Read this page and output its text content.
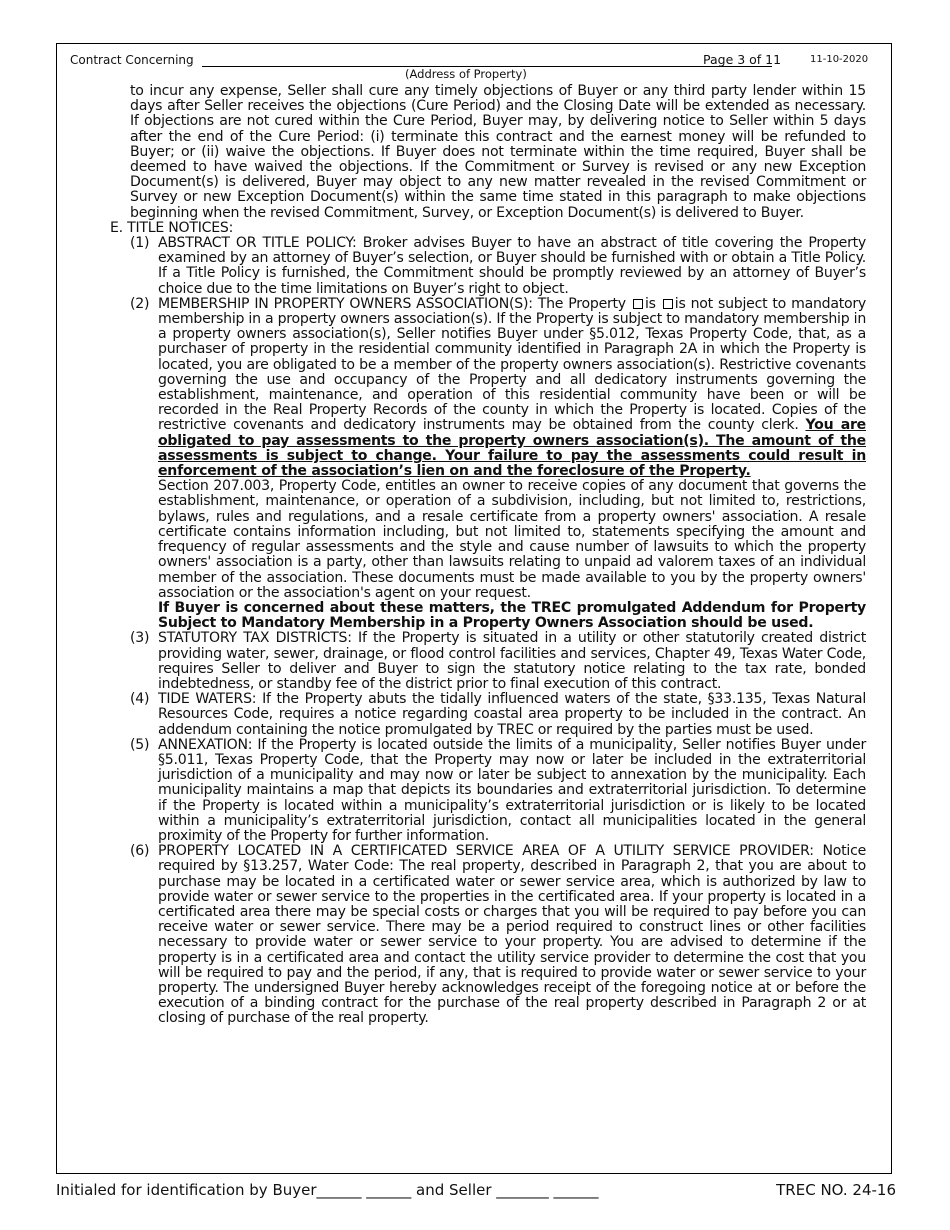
Contract Concerning	Page 3 of 11	11-10-2020
(Address of Property)

to incur any expense, Seller shall cure any timely objections of Buyer or any third party lender within 15 days after Seller receives the objections (Cure Period) and the Closing Date will be extended as necessary. If objections are not cured within the Cure Period, Buyer may, by delivering notice to Seller within 5 days after the end of the Cure Period: (i) terminate this contract and the earnest money will be refunded to Buyer; or (ii) waive the objections. If Buyer does not terminate within the time required, Buyer shall be deemed to have waived the objections. If the Commitment or Survey is revised or any new Exception Document(s) is delivered, Buyer may object to any new matter revealed in the revised Commitment or Survey or new Exception Document(s) within the same time stated in this paragraph to make objections beginning when the revised Commitment, Survey, or Exception Document(s) is delivered to Buyer.

E. TITLE NOTICES:

(1) ABSTRACT OR TITLE POLICY: Broker advises Buyer to have an abstract of title covering the Property examined by an attorney of Buyer’s selection, or Buyer should be furnished with or obtain a Title Policy. If a Title Policy is furnished, the Commitment should be promptly reviewed by an attorney of Buyer’s choice due to the time limitations on Buyer’s right to object.

(2) MEMBERSHIP IN PROPERTY OWNERS ASSOCIATION(S): The Property is is not subject to mandatory membership in a property owners association(s). If the Property is subject to mandatory membership in a property owners association(s), Seller notifies Buyer under §5.012, Texas Property Code, that, as a purchaser of property in the residential community identified in Paragraph 2A in which the Property is located, you are obligated to be a member of the property owners association(s). Restrictive covenants governing the use and occupancy of the Property and all dedicatory instruments governing the establishment, maintenance, and operation of this residential community have been or will be recorded in the Real Property Records of the county in which the Property is located. Copies of the restrictive covenants and dedicatory instruments may be obtained from the county clerk. You are obligated to pay assessments to the property owners association(s). The amount of the assessments is subject to change. Your failure to pay the assessments could result in enforcement of the association’s lien on and the foreclosure of the Property.

Section 207.003, Property Code, entitles an owner to receive copies of any document that governs the establishment, maintenance, or operation of a subdivision, including, but not limited to, restrictions, bylaws, rules and regulations, and a resale certificate from a property owners' association. A resale certificate contains information including, but not limited to, statements specifying the amount and frequency of regular assessments and the style and cause number of lawsuits to which the property owners' association is a party, other than lawsuits relating to unpaid ad valorem taxes of an individual member of the association. These documents must be made available to you by the property owners' association or the association's agent on your request.

If Buyer is concerned about these matters, the TREC promulgated Addendum for Property Subject to Mandatory Membership in a Property Owners Association should be used.

(3) STATUTORY TAX DISTRICTS: If the Property is situated in a utility or other statutorily created district providing water, sewer, drainage, or flood control facilities and services, Chapter 49, Texas Water Code, requires Seller to deliver and Buyer to sign the statutory notice relating to the tax rate, bonded indebtedness, or standby fee of the district prior to final execution of this contract.

(4) TIDE WATERS: If the Property abuts the tidally influenced waters of the state, §33.135, Texas Natural Resources Code, requires a notice regarding coastal area property to be included in the contract. An addendum containing the notice promulgated by TREC or required by the parties must be used.

(5) ANNEXATION: If the Property is located outside the limits of a municipality, Seller notifies Buyer under §5.011, Texas Property Code, that the Property may now or later be included in the extraterritorial jurisdiction of a municipality and may now or later be subject to annexation by the municipality. Each municipality maintains a map that depicts its boundaries and extraterritorial jurisdiction. To determine if the Property is located within a municipality’s extraterritorial jurisdiction or is likely to be located within a municipality’s extraterritorial jurisdiction, contact all municipalities located in the general proximity of the Property for further information.

(6) PROPERTY LOCATED IN A CERTIFICATED SERVICE AREA OF A UTILITY SERVICE PROVIDER: Notice required by §13.257, Water Code: The real property, described in Paragraph 2, that you are about to purchase may be located in a certificated water or sewer service area, which is authorized by law to provide water or sewer service to the properties in the certificated area. If your property is located in a certificated area there may be special costs or charges that you will be required to pay before you can receive water or sewer service. There may be a period required to construct lines or other facilities necessary to provide water or sewer service to your property. You are advised to determine if the property is in a certificated area and contact the utility service provider to determine the cost that you will be required to pay and the period, if any, that is required to provide water or sewer service to your property. The undersigned Buyer hereby acknowledges receipt of the foregoing notice at or before the execution of a binding contract for the purchase of the real property described in Paragraph 2 or at closing of purchase of the real property.

Initialed for identification by Buyer______ ______ and Seller _______ ______	TREC NO. 24-16
